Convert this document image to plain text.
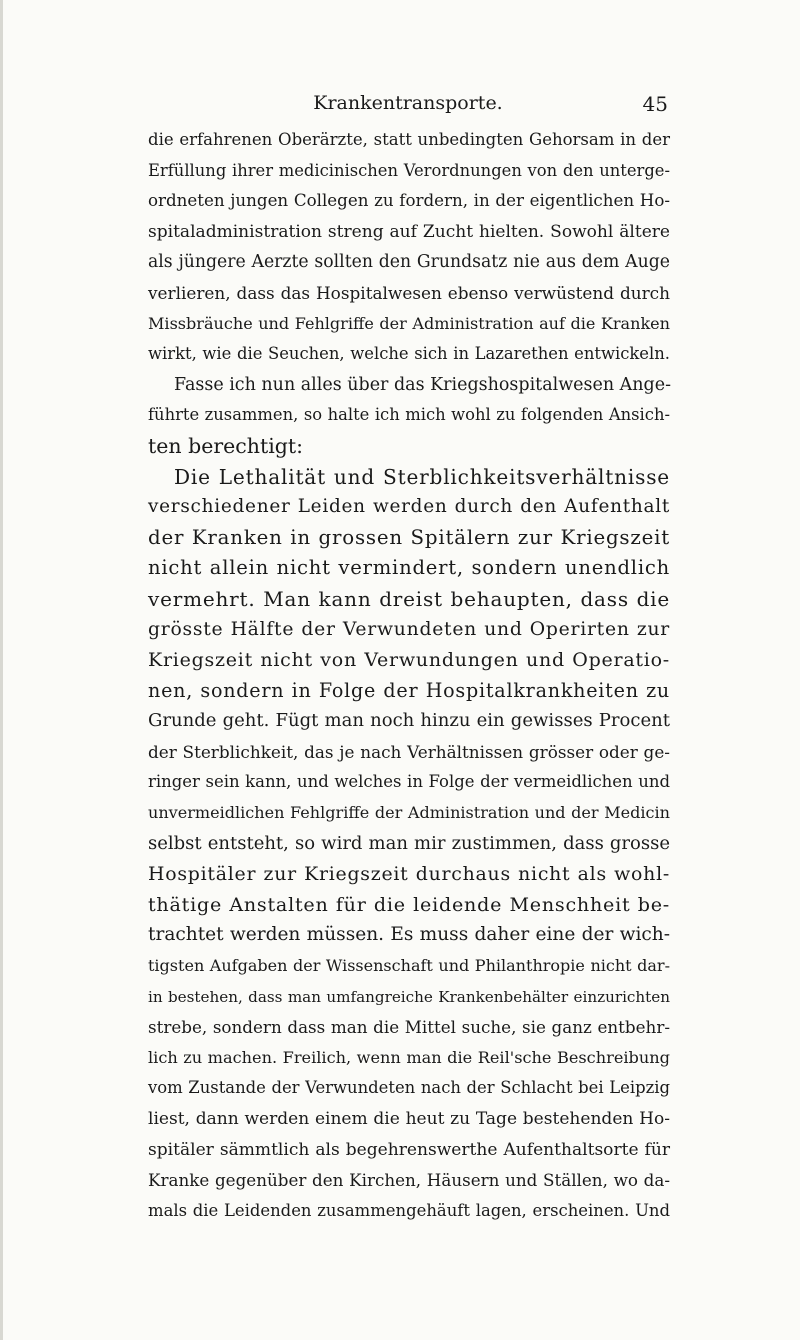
Krankentransporte.	45
die erfahrenen Oberärzte, statt unbedingten Gehorsam in der
Erfüllung ihrer medicinischen Verordnungen von den unterge-
ordneten jungen Collegen zu fordern, in der eigentlichen Ho-
spitaladministration streng auf Zucht hielten. Sowohl ältere
als jüngere Aerzte sollten den Grundsatz nie aus dem Auge
verlieren, dass das Hospitalwesen ebenso verwüstend durch
Missbräuche und Fehlgriffe der Administration auf die Kranken
wirkt, wie die Seuchen, welche sich in Lazarethen entwickeln.
Fasse ich nun alles über das Kriegshospitalwesen Ange-
führte zusammen, so halte ich mich wohl zu folgenden Ansich-
ten berechtigt:
Die Lethalität und Sterblichkeitsverhältnisse
verschiedener Leiden werden durch den Aufenthalt
der Kranken in grossen Spitälern zur Kriegszeit
nicht allein nicht vermindert, sondern unendlich
vermehrt. Man kann dreist behaupten, dass die
grösste Hälfte der Verwundeten und Operirten zur
Kriegszeit nicht von Verwundungen und Operatio-
nen, sondern in Folge der Hospitalkrankheiten zu
Grunde geht. Fügt man noch hinzu ein gewisses Procent
der Sterblichkeit, das je nach Verhältnissen grösser oder ge-
ringer sein kann, und welches in Folge der vermeidlichen und
unvermeidlichen Fehlgriffe der Administration und der Medicin
selbst entsteht, so wird man mir zustimmen, dass grosse
Hospitäler zur Kriegszeit durchaus nicht als wohl-
thätige Anstalten für die leidende Menschheit be-
trachtet werden müssen. Es muss daher eine der wich-
tigsten Aufgaben der Wissenschaft und Philanthropie nicht dar-
in bestehen, dass man umfangreiche Krankenbehälter einzurichten
strebe, sondern dass man die Mittel suche, sie ganz entbehr-
lich zu machen. Freilich, wenn man die Reil'sche Beschreibung
vom Zustande der Verwundeten nach der Schlacht bei Leipzig
liest, dann werden einem die heut zu Tage bestehenden Ho-
spitäler sämmtlich als begehrenswerthe Aufenthaltsorte für
Kranke gegenüber den Kirchen, Häusern und Ställen, wo da-
mals die Leidenden zusammengehäuft lagen, erscheinen. Und
